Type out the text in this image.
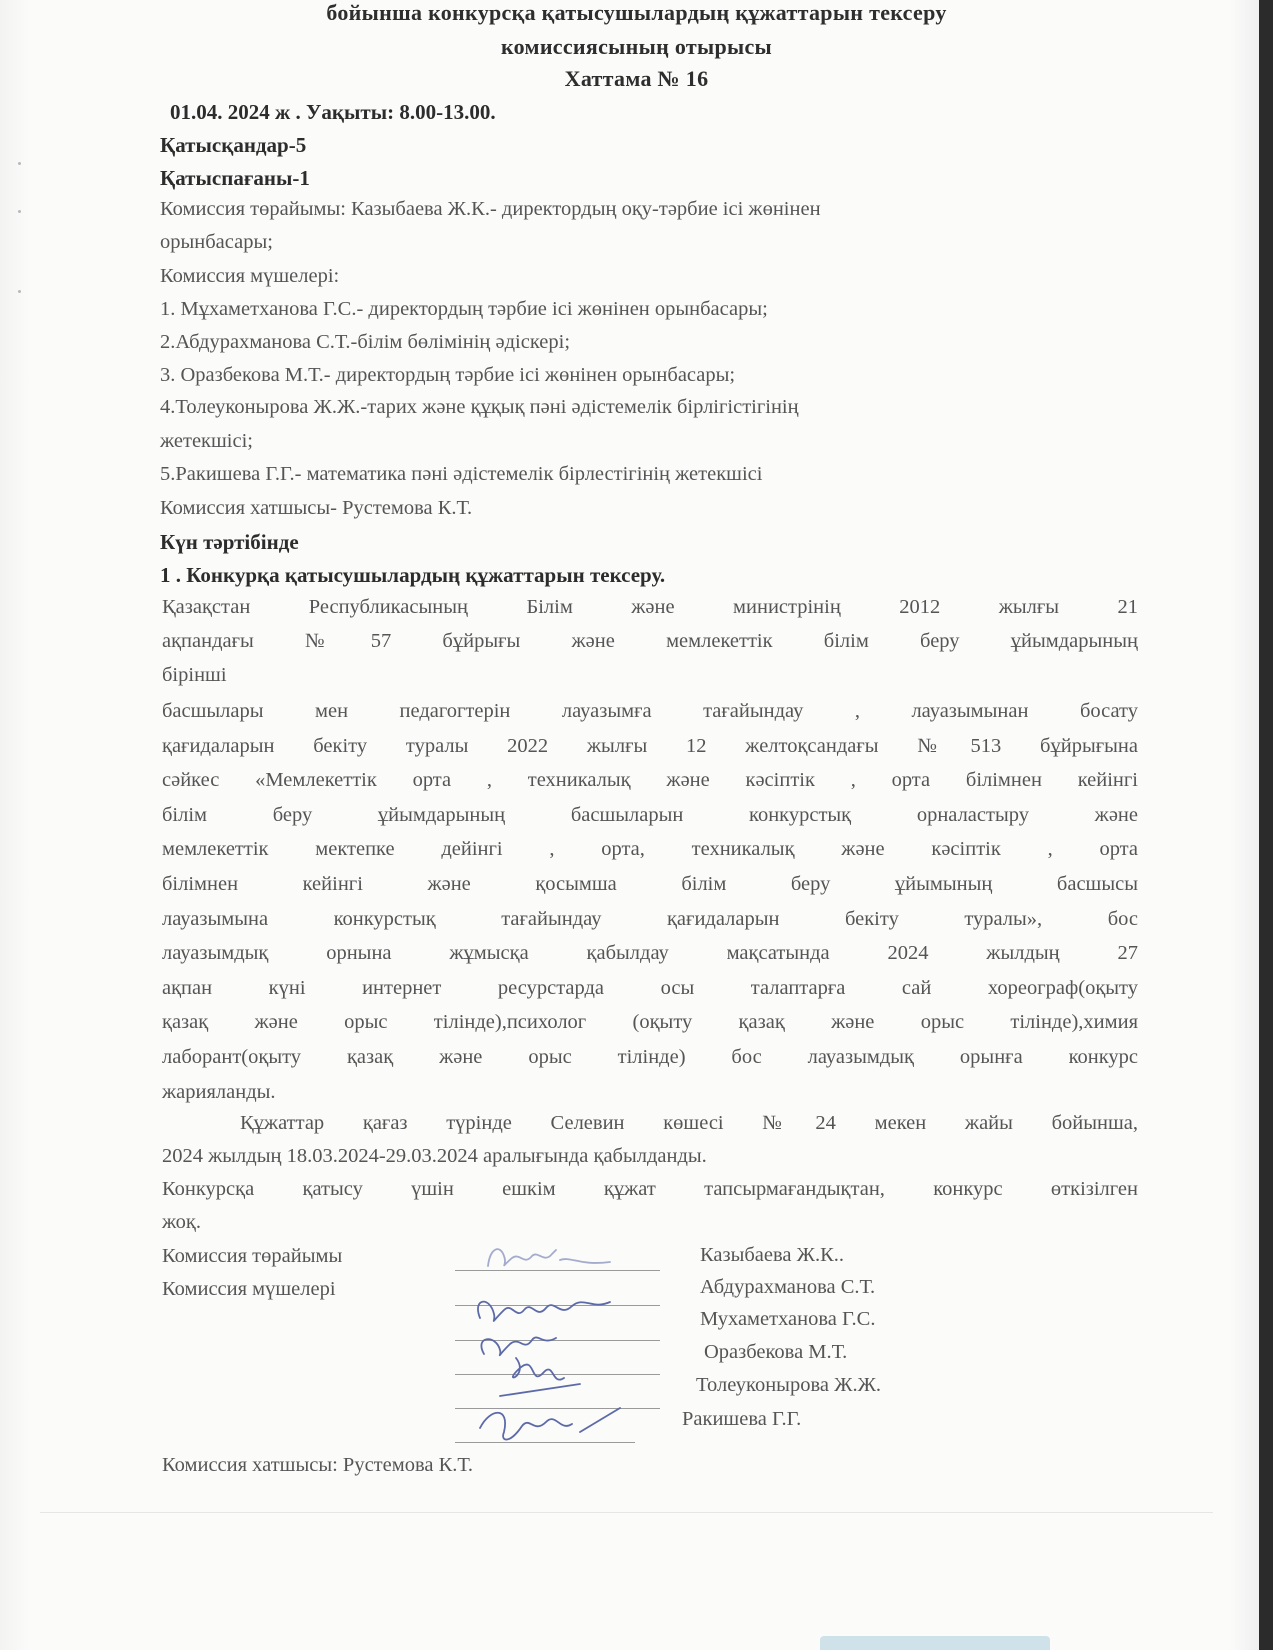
бойынша конкурсқа қатысушылардың құжаттарын тексеру
комиссиясының отырысы
Хаттама № 16
01.04. 2024 ж . Уақыты: 8.00-13.00.
Қатысқандар-5
Қатыспағаны-1
Комиссия төрайымы: Казыбаева Ж.К.- директордың оқу-тәрбие ісі жөнінен
орынбасары;
Комиссия мүшелері:
1. Мұхаметханова Г.С.- директордың тәрбие ісі жөнінен орынбасары;
2.Абдурахманова С.Т.-білім бөлімінің әдіскері;
3. Оразбекова М.Т.- директордың тәрбие ісі жөнінен орынбасары;
4.Толеуконырова Ж.Ж.-тарих және құқық пәні әдістемелік бірлігістігінің
жетекшісі;
5.Ракишева Г.Г.- математика пәні әдістемелік бірлестігінің жетекшісі
Комиссия хатшысы- Рустемова К.Т.
Күн тәртібінде
1 . Конкурқа қатысушылардың құжаттарын тексеру.
Қазақстан Республикасының Білім және министрінің 2012 жылғы 21
ақпандағы №57 бұйрығы және мемлекеттік білім беру ұйымдарының
бірінші
басшылары мен педагогтерін лауазымға тағайындау , лауазымынан босату
қағидаларын бекіту туралы 2022 жылғы 12 желтоқсандағы №513 бұйрығына
сәйкес «Мемлекеттік орта , техникалық және кәсіптік , орта білімнен кейінгі
білім беру ұйымдарының басшыларын конкурстық орналастыру және
мемлекеттік мектепке дейінгі , орта, техникалық және кәсіптік , орта
білімнен кейінгі және қосымша білім беру ұйымының басшысы
лауазымына конкурстық тағайындау қағидаларын бекіту туралы», бос
лауазымдық орнына жұмысқа қабылдау мақсатында 2024 жылдың 27
ақпан күні интернет ресурстарда осы талаптарға сай хореограф(оқыту
қазақ және орыс тілінде),психолог (оқыту қазақ және орыс тілінде),химия
лаборант(оқыту қазақ және орыс тілінде) бос лауазымдық орынға конкурс
жарияланды.
Құжаттар қағаз түрінде Селевин көшесі №24 мекен жайы бойынша,
2024 жылдың 18.03.2024-29.03.2024 аралығында қабылданды.
Конкурсқа қатысу үшін ешкім құжат тапсырмағандықтан, конкурс өткізілген
жоқ.
Комиссия төрайымы
Комиссия мүшелері
Казыбаева Ж.К..
Абдурахманова С.Т.
Мухаметханова Г.С.
Оразбекова М.Т.
Толеуконырова Ж.Ж.
Ракишева Г.Г.
Комиссия хатшысы: Рустемова К.Т.
